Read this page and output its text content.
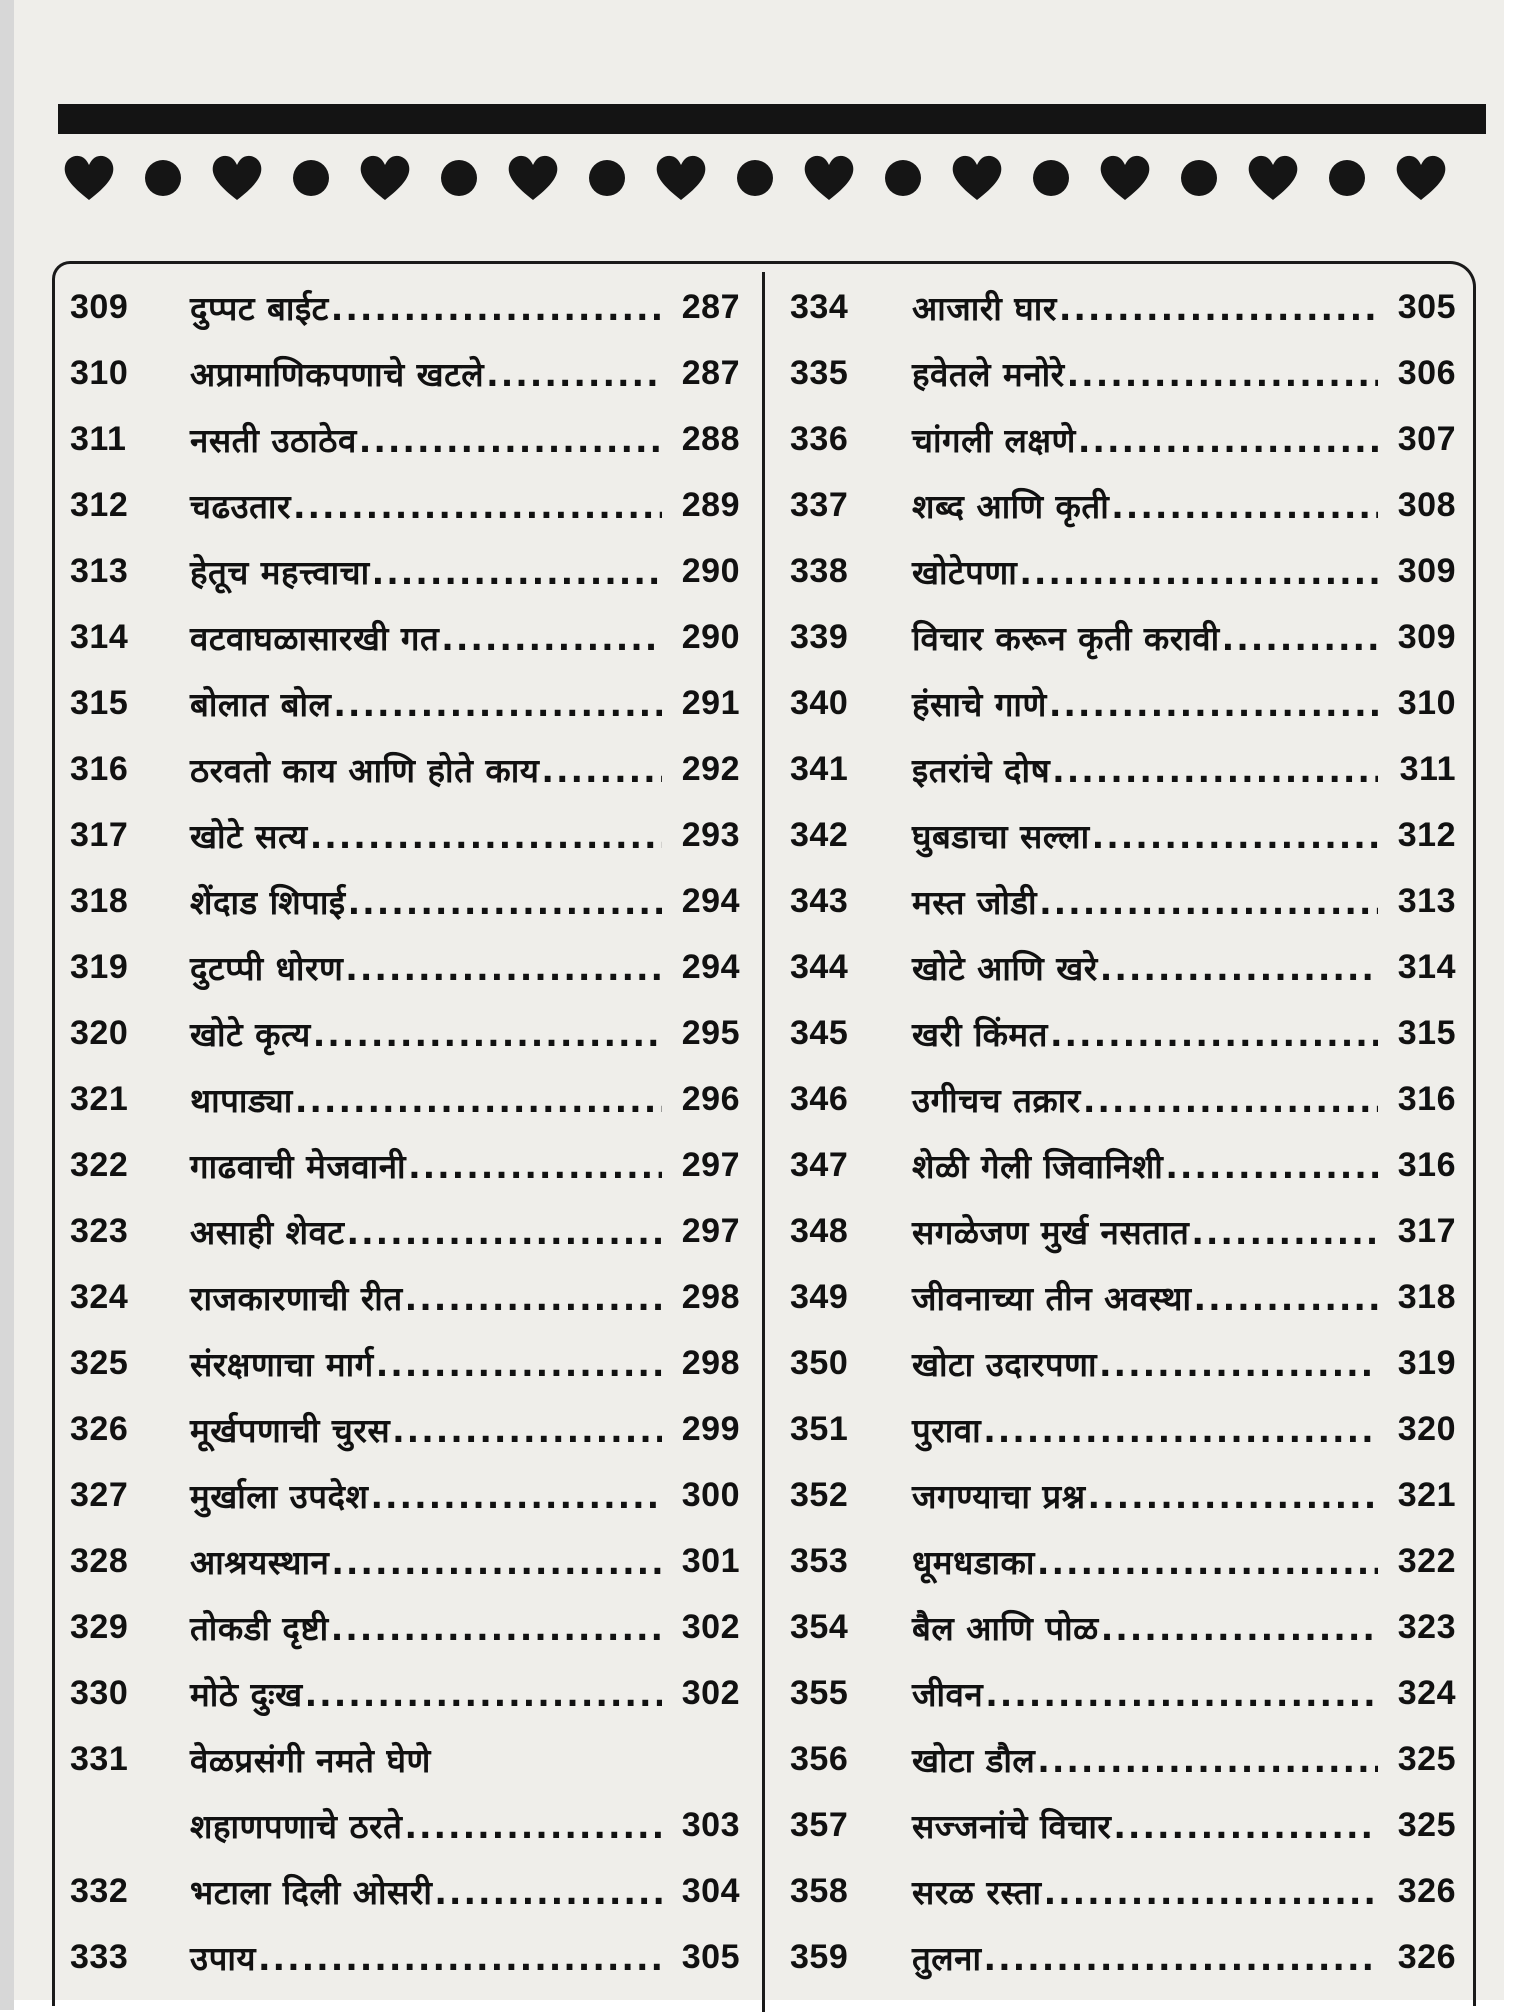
309	दुप्पट बाईट .....	287
310	अप्रामाणिकपणाचे खटले .....	287
311	नसती उठाठेव .....	288
312	चढउतार .....	289
313	हेतूच महत्त्वाचा .....	290
314	वटवाघळासारखी गत .....	290
315	बोलात बोल .....	291
316	ठरवतो काय आणि होते काय .....	292
317	खोटे सत्य .....	293
318	शेंदाड शिपाई .....	294
319	दुटप्पी धोरण .....	294
320	खोटे कृत्य .....	295
321	थापाड्या .....	296
322	गाढवाची मेजवानी .....	297
323	असाही शेवट .....	297
324	राजकारणाची रीत .....	298
325	संरक्षणाचा मार्ग .....	298
326	मूर्खपणाची चुरस .....	299
327	मुर्खाला उपदेश .....	300
328	आश्रयस्थान .....	301
329	तोकडी दृष्टी .....	302
330	मोठे दुःख .....	302
331	वेळप्रसंगी नमते घेणे
शहाणपणाचे ठरते .....	303
332	भटाला दिली ओसरी .....	304
333	उपाय .....	305
334	आजारी घार .....	305
335	हवेतले मनोरे .....	306
336	चांगली लक्षणे .....	307
337	शब्द आणि कृती .....	308
338	खोटेपणा .....	309
339	विचार करून कृती करावी .....	309
340	हंसाचे गाणे .....	310
341	इतरांचे दोष .....	311
342	घुबडाचा सल्ला .....	312
343	मस्त जोडी .....	313
344	खोटे आणि खरे .....	314
345	खरी किंमत .....	315
346	उगीचच तक्रार .....	316
347	शेळी गेली जिवानिशी .....	316
348	सगळेजण मुर्ख नसतात .....	317
349	जीवनाच्या तीन अवस्था .....	318
350	खोटा उदारपणा .....	319
351	पुरावा .....	320
352	जगण्याचा प्रश्न .....	321
353	धूमधडाका .....	322
354	बैल आणि पोळ .....	323
355	जीवन .....	324
356	खोटा डौल .....	325
357	सज्जनांचे विचार .....	325
358	सरळ रस्ता .....	326
359	तुलना .....	326
